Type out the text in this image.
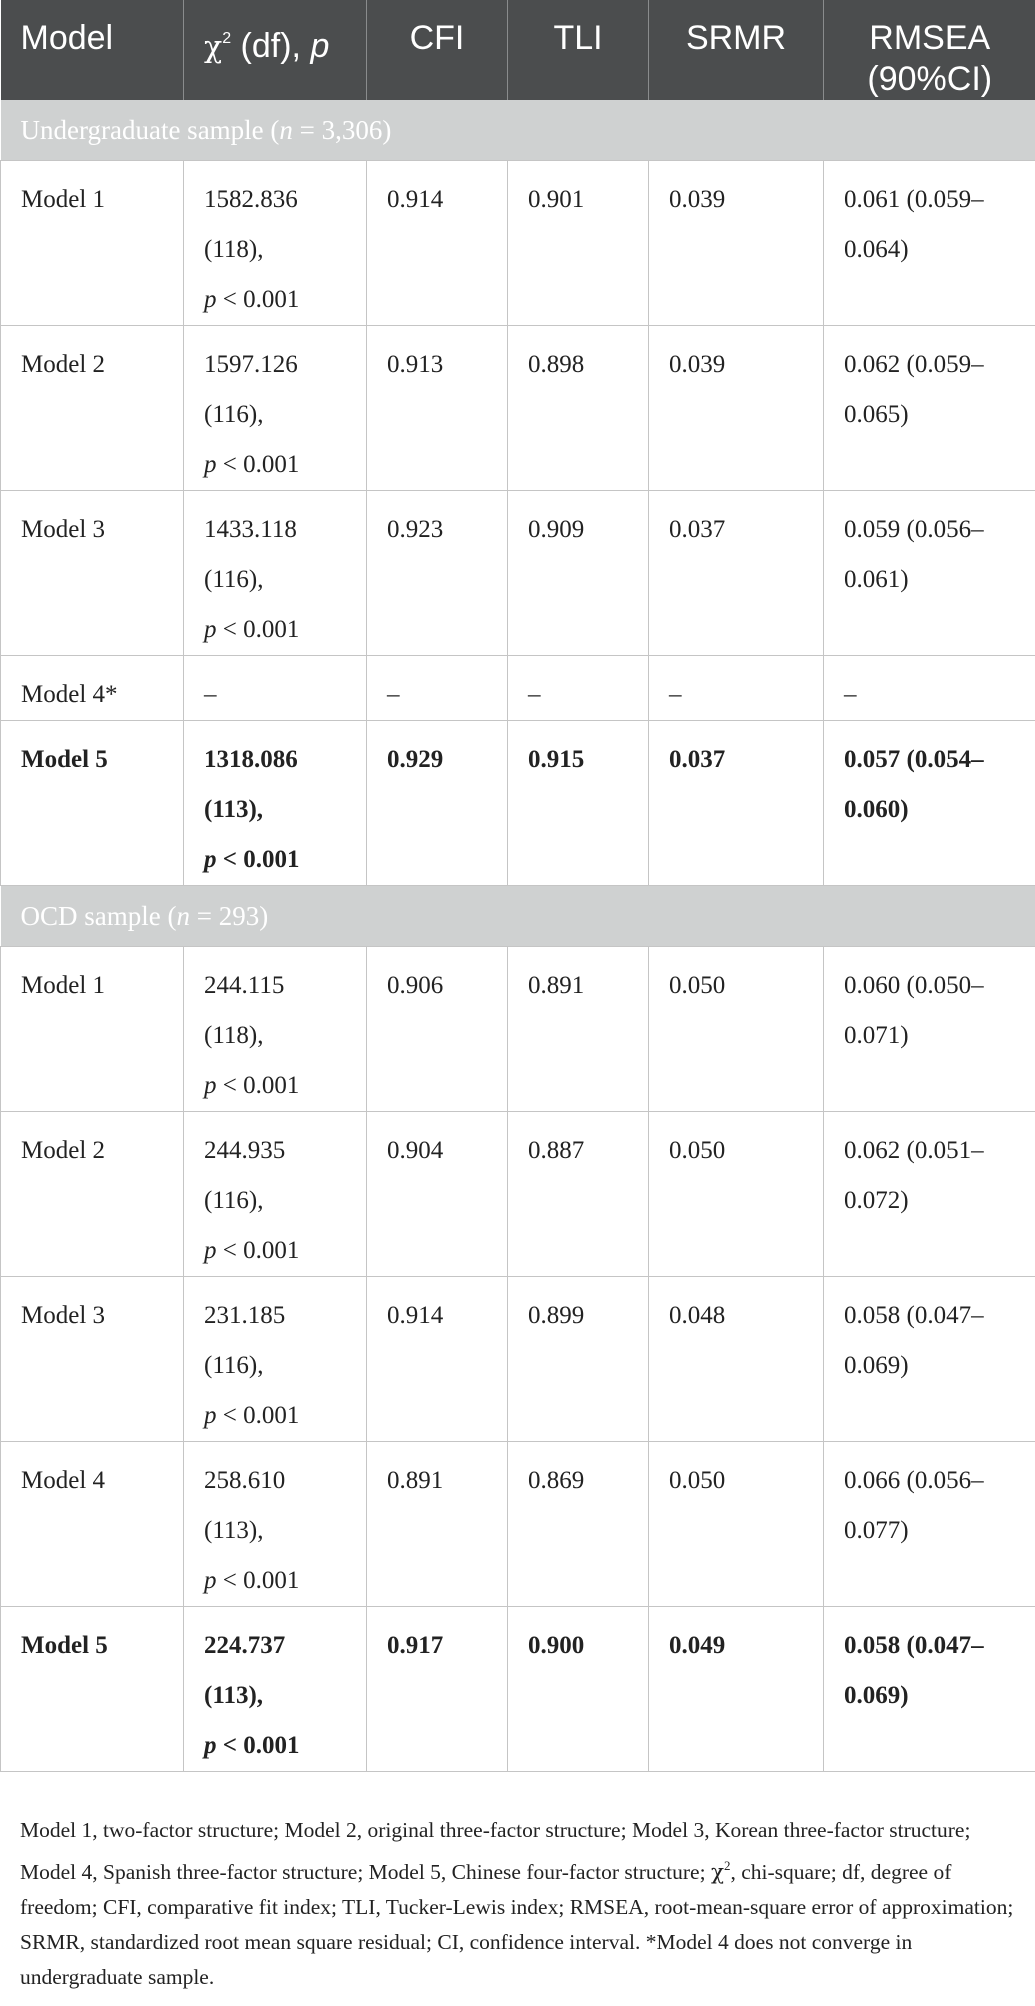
Model	$\chi^2$ (df), p	CFI	TLI	SRMR	RMSEA
(90%CI)

Undergraduate sample (n = 3,306)					
Model 1	1582.836
(118),
p < 0.001	0.914	0.901	0.039	0.061 (0.059–
0.064)

Model 2	1597.126
(116),
p < 0.001	0.913	0.898	0.039	0.062 (0.059–
0.065)

Model 3	1433.118
(116),
p < 0.001	0.923	0.909	0.037	0.059 (0.056–
0.061)

Model 4*	–	–	–	–	–

Model 5	1318.086
(113),
p < 0.001	0.929	0.915	0.037	0.057 (0.054–
0.060)

OCD sample (n = 293)					
Model 1	244.115
(118),
p < 0.001	0.906	0.891	0.050	0.060 (0.050–
0.071)

Model 2	244.935
(116),
p < 0.001	0.904	0.887	0.050	0.062 (0.051–
0.072)

Model 3	231.185
(116),
p < 0.001	0.914	0.899	0.048	0.058 (0.047–
0.069)

Model 4	258.610
(113),
p < 0.001	0.891	0.869	0.050	0.066 (0.056–
0.077)

Model 5	224.737
(113),
p < 0.001	0.917	0.900	0.049	0.058 (0.047–
0.069)

Model 1, two-factor structure; Model 2, original three-factor structure; Model 3, Korean three-factor structure; Model 4, Spanish three-factor structure; Model 5, Chinese four-factor structure; $\chi^2$, chi-square; df, degree of freedom; CFI, comparative fit index; TLI, Tucker-Lewis index; RMSEA, root-mean-square error of approximation; SRMR, standardized root mean square residual; CI, confidence interval. *Model 4 does not converge in undergraduate sample.
